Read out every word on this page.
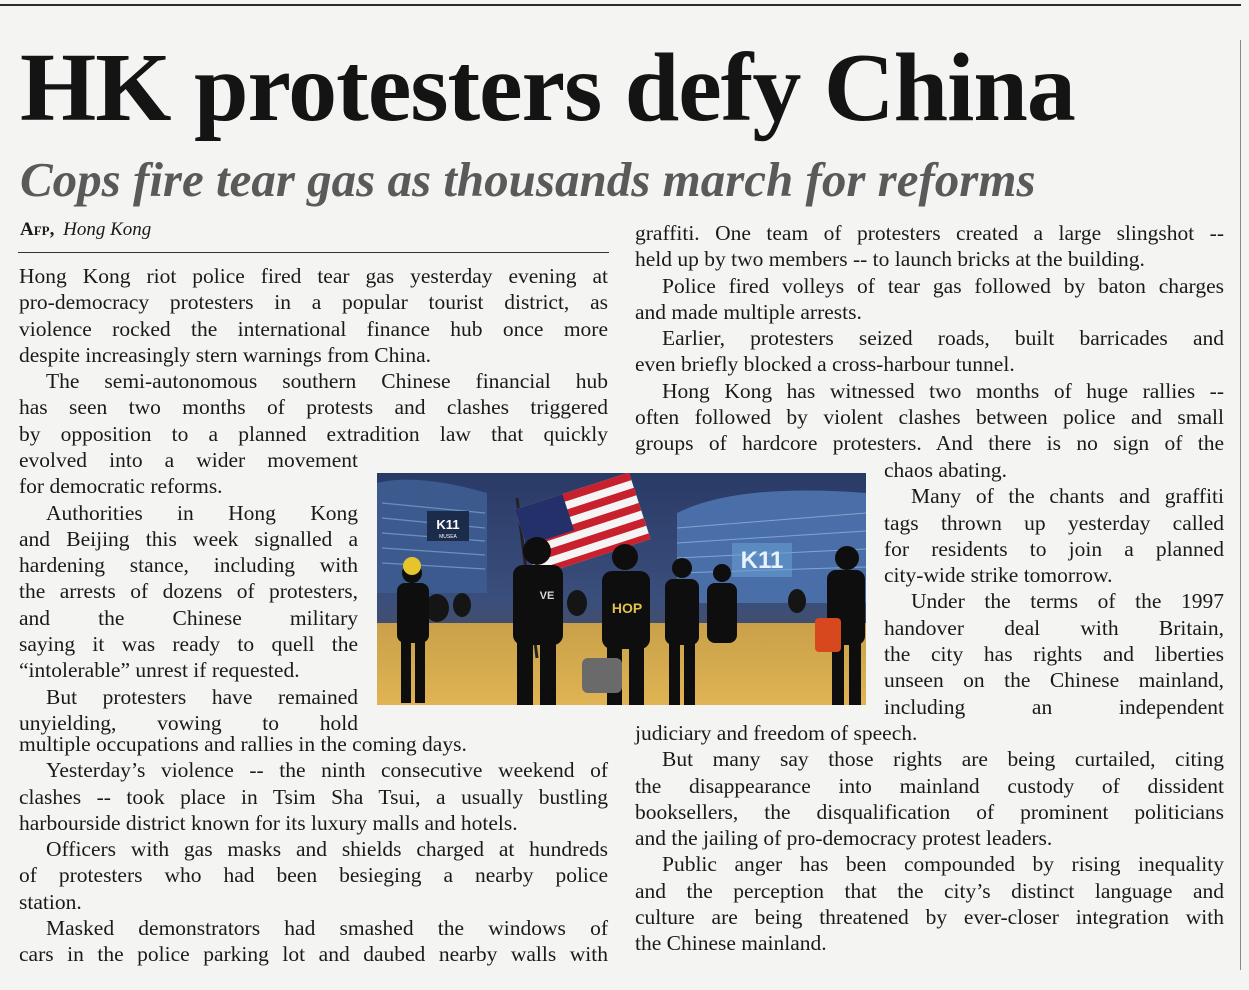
HK protesters defy China
Cops fire tear gas as thousands march for reforms
Afp, Hong Kong

Hong Kong riot police fired tear gas yesterday evening at

pro-democracy protesters in a popular tourist district, as

violence rocked the international finance hub once more

despite increasingly stern warnings from China.

The semi-autonomous southern Chinese financial hub

has seen two months of protests and clashes triggered

by opposition to a planned extradition law that quickly

evolved into a wider movement

for democratic reforms.

Authorities in Hong Kong

and Beijing this week signalled a

hardening stance, including with

the arrests of dozens of protesters,

and the Chinese military

saying it was ready to quell the

“intolerable” unrest if requested.

But protesters have remained

unyielding, vowing to hold

multiple occupations and rallies in the coming days.

Yesterday’s violence -- the ninth consecutive weekend of

clashes -- took place in Tsim Sha Tsui, a usually bustling

harbourside district known for its luxury malls and hotels.

Officers with gas masks and shields charged at hundreds

of protesters who had been besieging a nearby police

station.

Masked demonstrators had smashed the windows of

cars in the police parking lot and daubed nearby walls with

graffiti. One team of protesters created a large slingshot --

held up by two members -- to launch bricks at the building.

Police fired volleys of tear gas followed by baton charges

and made multiple arrests.

Earlier, protesters seized roads, built barricades and

even briefly blocked a cross-harbour tunnel.

Hong Kong has witnessed two months of huge rallies --

often followed by violent clashes between police and small

groups of hardcore protesters. And there is no sign of the

chaos abating.

Many of the chants and graffiti

tags thrown up yesterday called

for residents to join a planned

city-wide strike tomorrow.

Under the terms of the 1997

handover deal with Britain,

the city has rights and liberties

unseen on the Chinese mainland,

including an independent

judiciary and freedom of speech.

But many say those rights are being curtailed, citing

the disappearance into mainland custody of dissident

booksellers, the disqualification of prominent politicians

and the jailing of pro-democracy protest leaders.

Public anger has been compounded by rising inequality

and the perception that the city’s distinct language and

culture are being threatened by ever-closer integration with

the Chinese mainland.

K11
MUSEA
K11
HOP
VE
